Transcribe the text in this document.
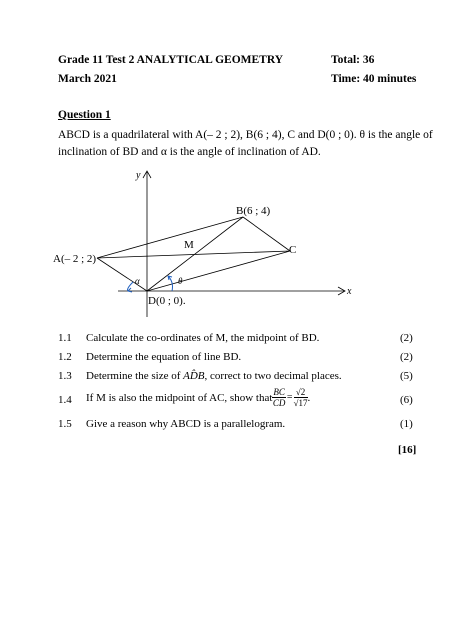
Grade 11 Test 2 ANALYTICAL GEOMETRY	Total: 36
March 2021	Time: 40 minutes
Question 1
ABCD is a quadrilateral with A(– 2 ; 2), B(6 ; 4), C and D(0 ; 0). θ is the angle of inclination of BD and α is the angle of inclination of AD.
y
x
A(– 2 ; 2)
B(6 ; 4)
C
M
D(0 ; 0).
α	θ
1.1 Calculate the co-ordinates of M, the midpoint of BD.	(2)
1.2 Determine the equation of line BD.	(2)
1.3 Determine the size of AD̂B, correct to two decimal places.	(5)
1.4 If M is also the midpoint of AC, show that $\frac{BC}{CD} = \frac{√2}{√17}$ .	(6)
1.5 Give a reason why ABCD is a parallelogram.	(1)
[16]
